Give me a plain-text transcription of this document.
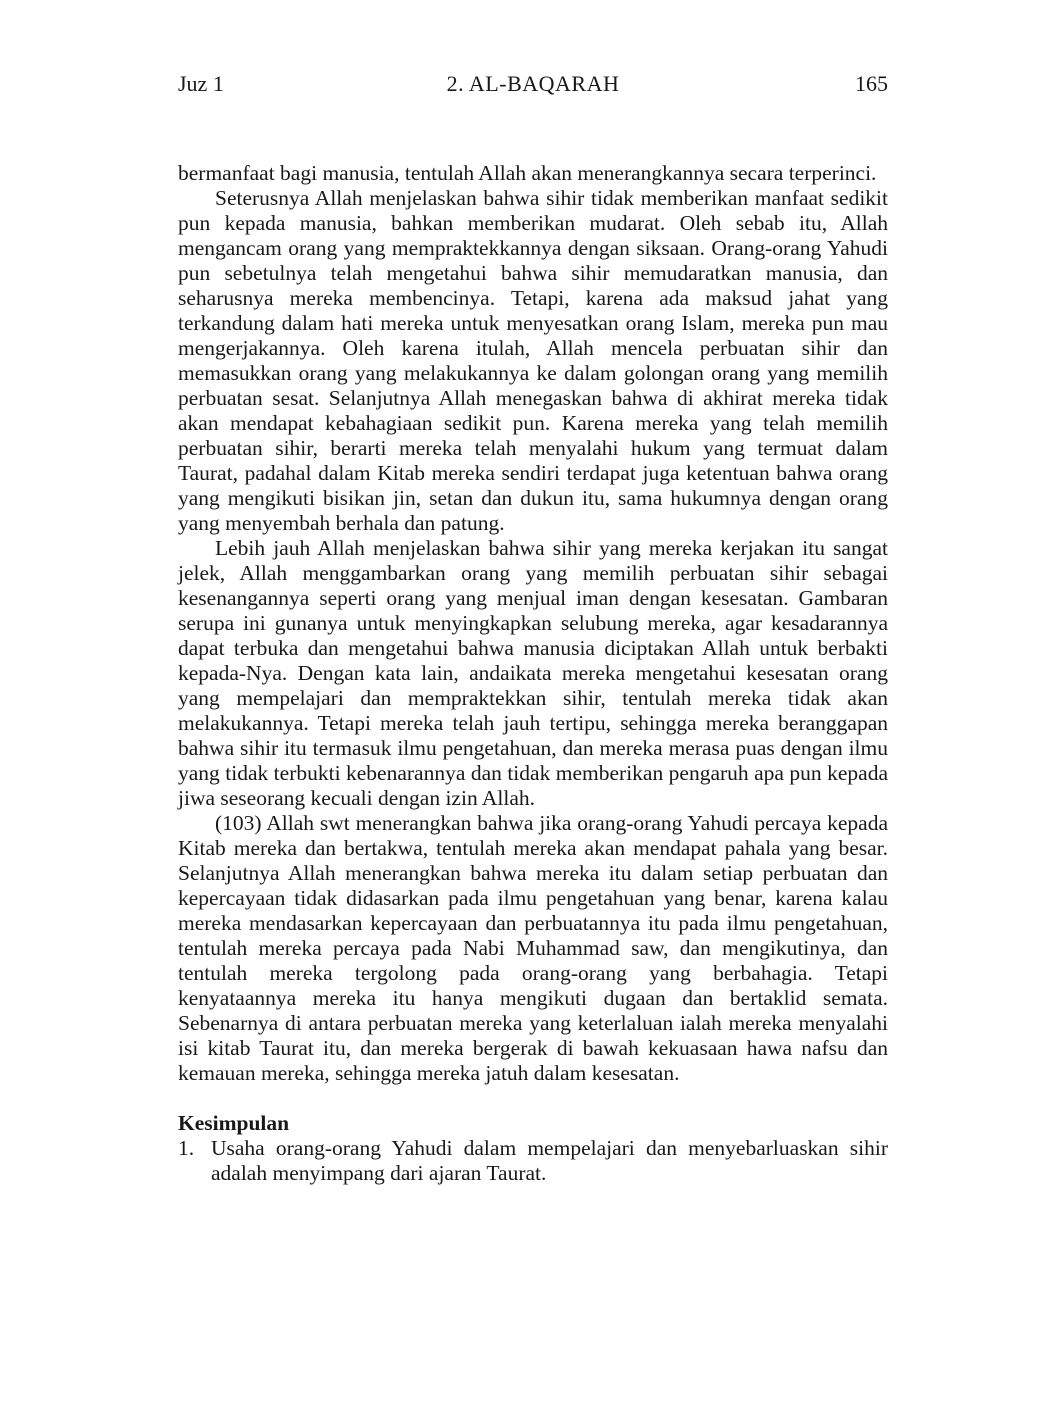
Juz 1	2. AL-BAQARAH	165

bermanfaat bagi manusia, tentulah Allah akan menerangkannya secara terperinci.

Seterusnya Allah menjelaskan bahwa sihir tidak memberikan manfaat sedikit pun kepada manusia, bahkan memberikan mudarat. Oleh sebab itu, Allah mengancam orang yang mempraktekkannya dengan siksaan. Orang-orang Yahudi pun sebetulnya telah mengetahui bahwa sihir memudaratkan manusia, dan seharusnya mereka membencinya. Tetapi, karena ada maksud jahat yang terkandung dalam hati mereka untuk menyesatkan orang Islam, mereka pun mau mengerjakannya. Oleh karena itulah, Allah mencela perbuatan sihir dan memasukkan orang yang melakukannya ke dalam golongan orang yang memilih perbuatan sesat. Selanjutnya Allah menegaskan bahwa di akhirat mereka tidak akan mendapat kebahagiaan sedikit pun. Karena mereka yang telah memilih perbuatan sihir, berarti mereka telah menyalahi hukum yang termuat dalam Taurat, padahal dalam Kitab mereka sendiri terdapat juga ketentuan bahwa orang yang mengikuti bisikan jin, setan dan dukun itu, sama hukumnya dengan orang yang menyembah berhala dan patung.

Lebih jauh Allah menjelaskan bahwa sihir yang mereka kerjakan itu sangat jelek, Allah menggambarkan orang yang memilih perbuatan sihir sebagai kesenangannya seperti orang yang menjual iman dengan kesesatan. Gambaran serupa ini gunanya untuk menyingkapkan selubung mereka, agar kesadarannya dapat terbuka dan mengetahui bahwa manusia diciptakan Allah untuk berbakti kepada-Nya. Dengan kata lain, andaikata mereka mengetahui kesesatan orang yang mempelajari dan mempraktekkan sihir, tentulah mereka tidak akan melakukannya. Tetapi mereka telah jauh tertipu, sehingga mereka beranggapan bahwa sihir itu termasuk ilmu pengetahuan, dan mereka merasa puas dengan ilmu yang tidak terbukti kebenarannya dan tidak memberikan pengaruh apa pun kepada jiwa seseorang kecuali dengan izin Allah.

(103) Allah swt menerangkan bahwa jika orang-orang Yahudi percaya kepada Kitab mereka dan bertakwa, tentulah mereka akan mendapat pahala yang besar. Selanjutnya Allah menerangkan bahwa mereka itu dalam setiap perbuatan dan kepercayaan tidak didasarkan pada ilmu pengetahuan yang benar, karena kalau mereka mendasarkan kepercayaan dan perbuatannya itu pada ilmu pengetahuan, tentulah mereka percaya pada Nabi Muhammad saw, dan mengikutinya, dan tentulah mereka tergolong pada orang-orang yang berbahagia. Tetapi kenyataannya mereka itu hanya mengikuti dugaan dan bertaklid semata. Sebenarnya di antara perbuatan mereka yang keterlaluan ialah mereka menyalahi isi kitab Taurat itu, dan mereka bergerak di bawah kekuasaan hawa nafsu dan kemauan mereka, sehingga mereka jatuh dalam kesesatan.

Kesimpulan
1. Usaha orang-orang Yahudi dalam mempelajari dan menyebarluaskan sihir adalah menyimpang dari ajaran Taurat.
